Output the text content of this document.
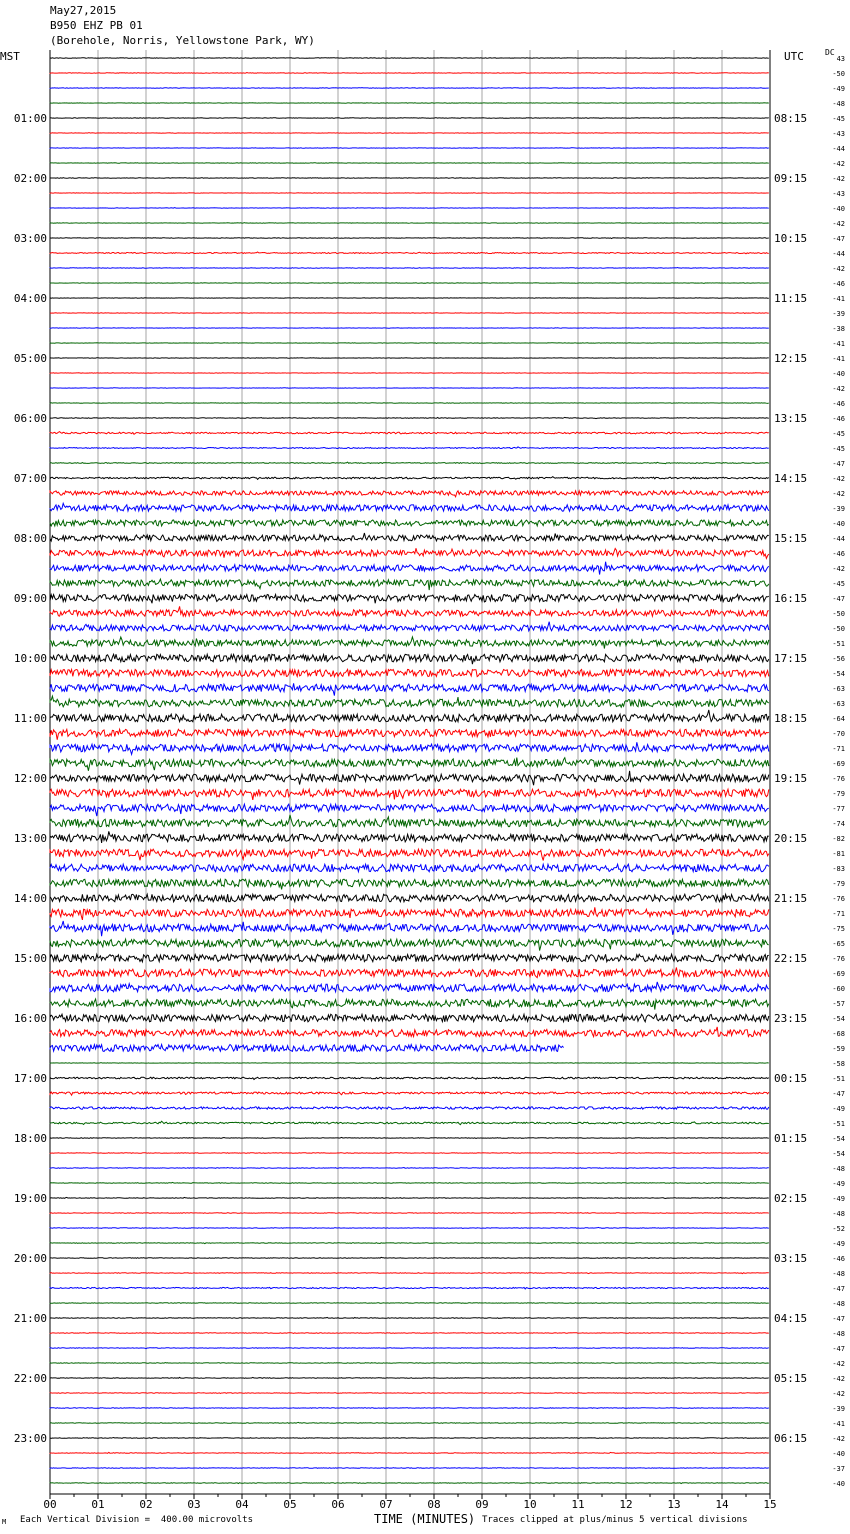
May27,2015
B950 EHZ PB 01
(Borehole, Norris, Yellowstone Park, WY)
MST	UTC	DC
01:00
02:00
03:00
04:00
05:00
06:00
07:00
08:00
09:00
10:00
11:00
12:00
13:00
14:00
15:00
16:00
17:00
18:00
19:00
20:00
21:00
22:00
23:00
08:15
09:15
10:15
11:15
12:15
13:15
14:15
15:15
16:15
17:15
18:15
19:15
20:15
21:15
22:15
23:15
00:15
01:15
02:15
03:15
04:15
05:15
06:15
43
-50
-49
-48
-45
-43
-44
-42
-42
-43
-40
-42
-47
-44
-42
-46
-41
-39
-38
-41
-41
-40
-42
-46
-46
-45
-45
-47
-42
-42
-39
-40
-44
-46
-42
-45
-47
-50
-50
-51
-56
-54
-63
-63
-64
-70
-71
-69
-76
-79
-77
-74
-82
-81
-83
-79
-76
-71
-75
-65
-76
-69
-60
-57
-54
-68
-59
-58
-51
-47
-49
-51
-54
-54
-48
-49
-49
-48
-52
-49
-46
-48
-47
-48
-47
-48
-47
-42
-42
-42
-39
-41
-42
-40
-37
-40
00	01	02	03	04	05	06	07	08	09	10	11	12	13	14	15
M Each Vertical Division =  400.00 microvolts	TIME (MINUTES) Traces clipped at plus/minus 5 vertical divisions
